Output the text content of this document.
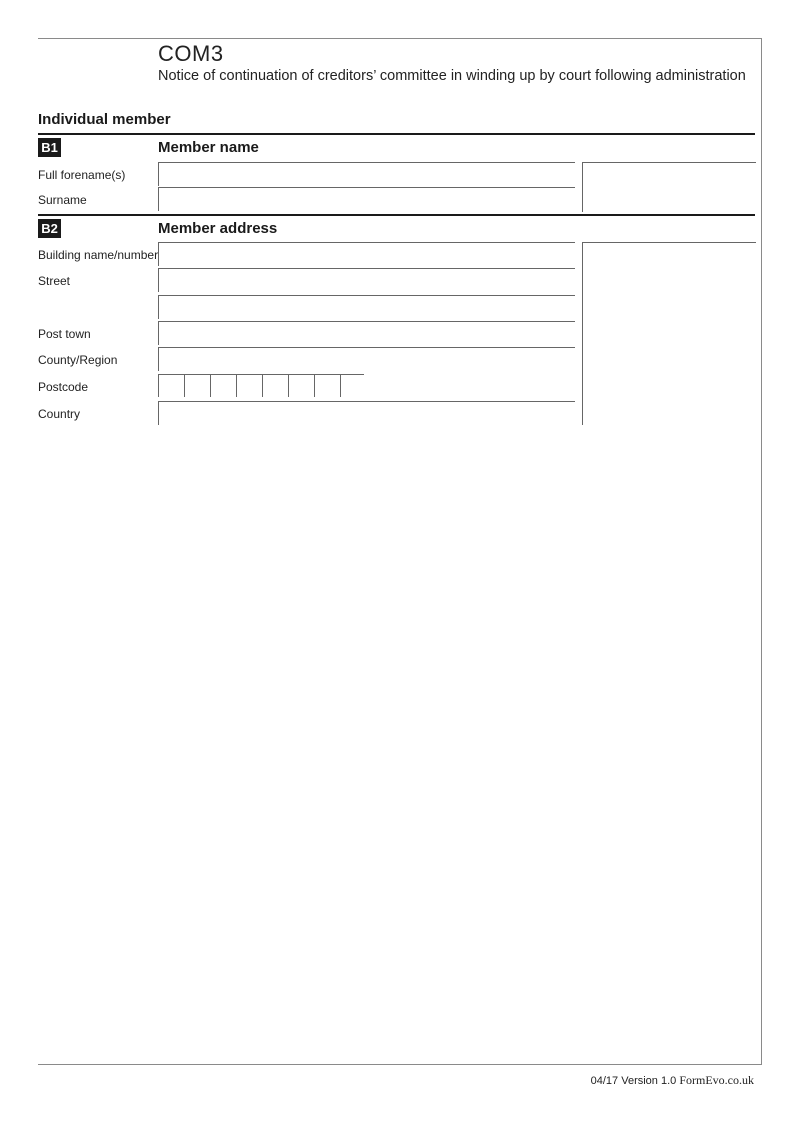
COM3
Notice of continuation of creditors’ committee in winding up by court following administration
Individual member
B1	Member name
Full forename(s)
Surname
B2	Member address
Building name/number
Street
Post town
County/Region
Postcode
Country
04/17 Version 1.0 FormEvo.co.uk
